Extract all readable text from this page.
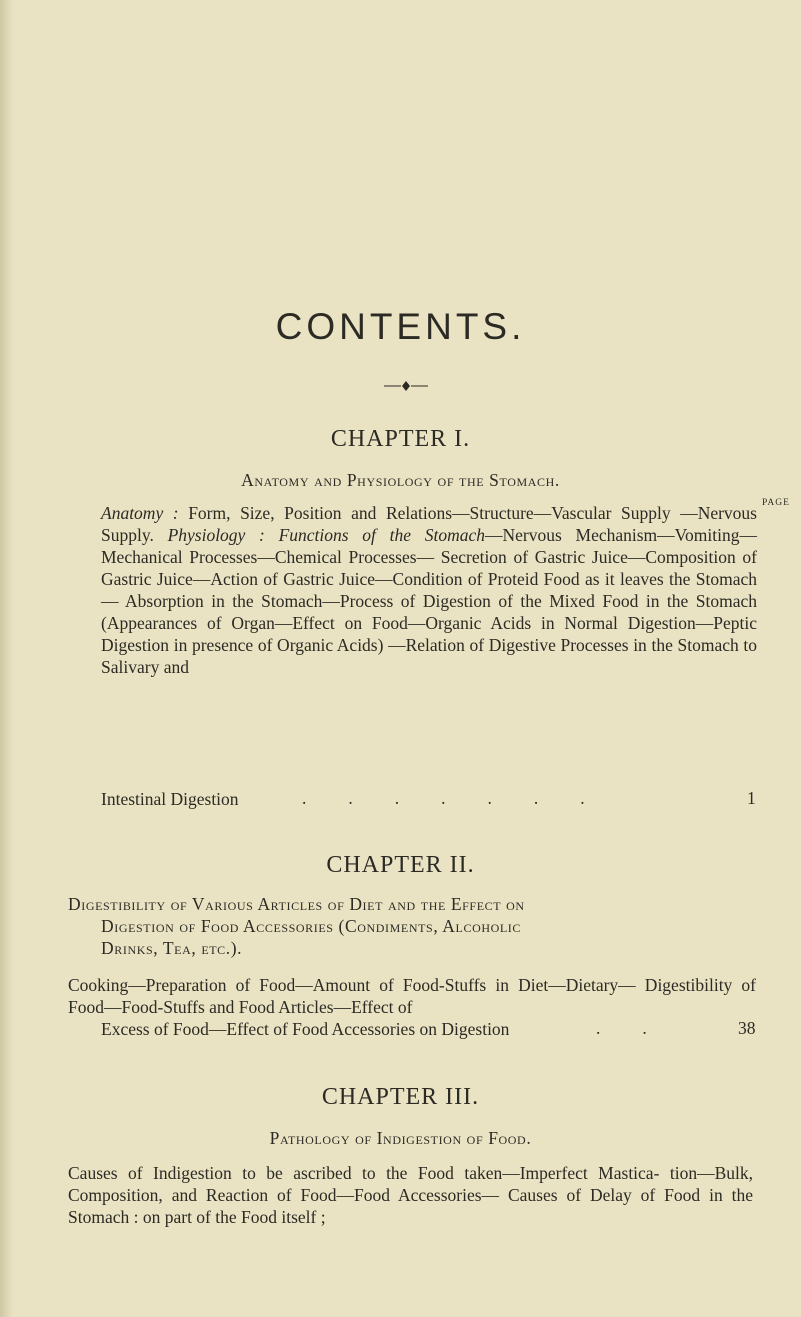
CONTENTS.
CHAPTER I.
Anatomy and Physiology of the Stomach.
PAGE
Anatomy : Form, Size, Position and Relations—Structure—Vascular Supply —Nervous Supply. Physiology : Functions of the Stomach—Nervous Mechanism—Vomiting—Mechanical Processes—Chemical Processes— Secretion of Gastric Juice—Composition of Gastric Juice—Action of Gastric Juice—Condition of Proteid Food as it leaves the Stomach— Absorption in the Stomach—Process of Digestion of the Mixed Food in the Stomach (Appearances of Organ—Effect on Food—Organic Acids in Normal Digestion—Peptic Digestion in presence of Organic Acids) —Relation of Digestive Processes in the Stomach to Salivary and
Intestinal Digestion	.......	1
CHAPTER II.
Digestibility of Various Articles of Diet and the Effect on
Digestion of Food Accessories (Condiments, Alcoholic
Drinks, Tea, etc.).
Cooking—Preparation of Food—Amount of Food-Stuffs in Diet—Dietary— Digestibility of Food—Food-Stuffs and Food Articles—Effect of
Excess of Food—Effect of Food Accessories on Digestion	..	38
CHAPTER III.
Pathology of Indigestion of Food.
Causes of Indigestion to be ascribed to the Food taken—Imperfect Mastica- tion—Bulk, Composition, and Reaction of Food—Food Accessories— Causes of Delay of Food in the Stomach : on part of the Food itself ;
